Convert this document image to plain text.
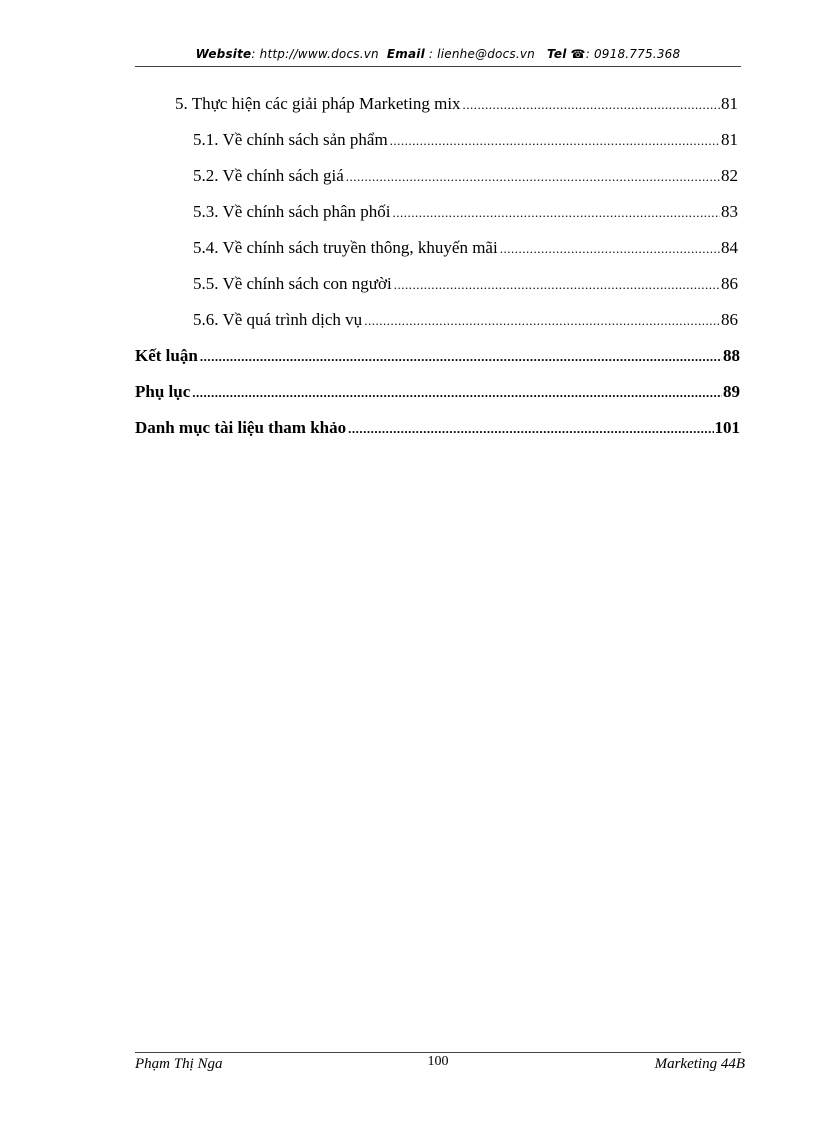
Website: http://www.docs.vn Email : lienhe@docs.vn Tel ☎: 0918.775.368
5. Thực hiện các giải pháp Marketing mix .....	81
5.1. Về chính sách sản phẩm .....	81
5.2. Về chính sách giá .....	82
5.3. Về chính sách phân phối .....	83
5.4. Về chính sách truyền thông, khuyến mãi .....	84
5.5. Về chính sách con người .....	86
5.6. Về quá trình dịch vụ .....	86
Kết luận .....	88
Phụ lục .....	89
Danh mục tài liệu tham khảo .....	101
Phạm Thị Nga	100	Marketing 44B
